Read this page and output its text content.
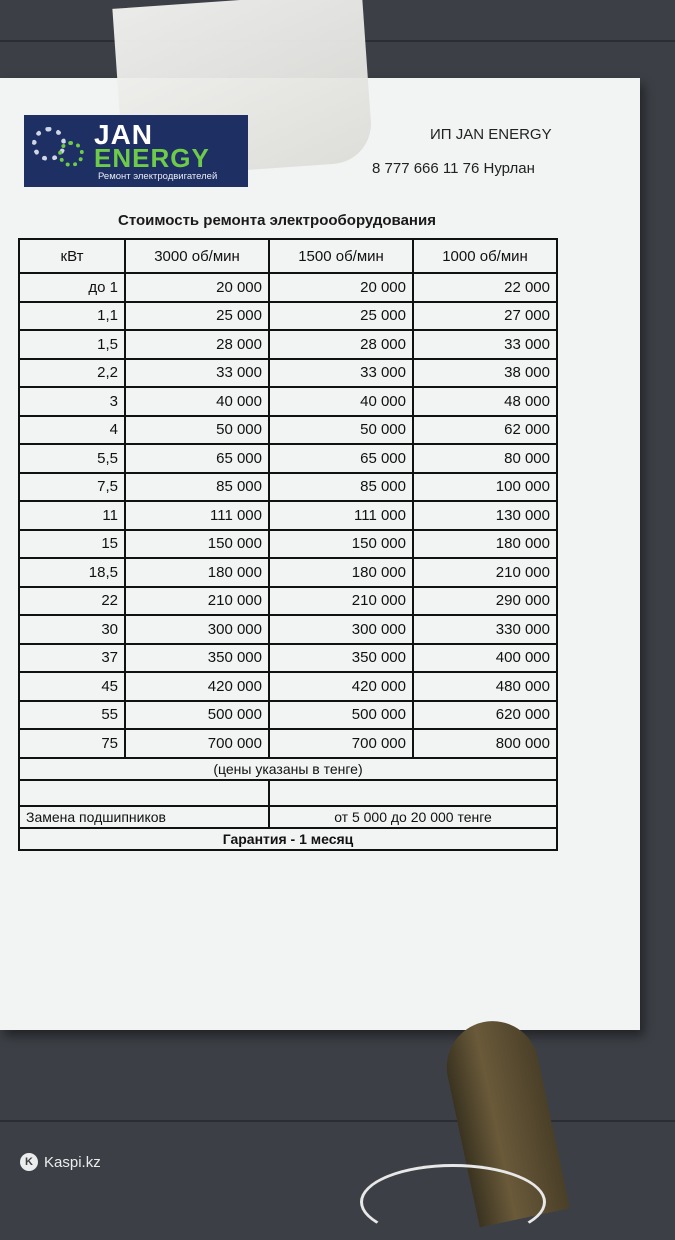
JAN
ENERGY
Ремонт электродвигателей
ИП JAN ENERGY
8 777 666 11 76 Нурлан
Стоимость ремонта электрооборудования
кВт	3000 об/мин	1500 об/мин	1000 об/мин
до 1	20 000	20 000	22 000
1,1	25 000	25 000	27 000
1,5	28 000	28 000	33 000
2,2	33 000	33 000	38 000
3	40 000	40 000	48 000
4	50 000	50 000	62 000
5,5	65 000	65 000	80 000
7,5	85 000	85 000	100 000
11	111 000	111 000	130 000
15	150 000	150 000	180 000
18,5	180 000	180 000	210 000
22	210 000	210 000	290 000
30	300 000	300 000	330 000
37	350 000	350 000	400 000
45	420 000	420 000	480 000
55	500 000	500 000	620 000
75	700 000	700 000	800 000
(цены указаны в тенге)			

Замена подшипников		от 5 000 до 20 000 тенге	
Гарантия - 1 месяц			
K Kaspi.kz
